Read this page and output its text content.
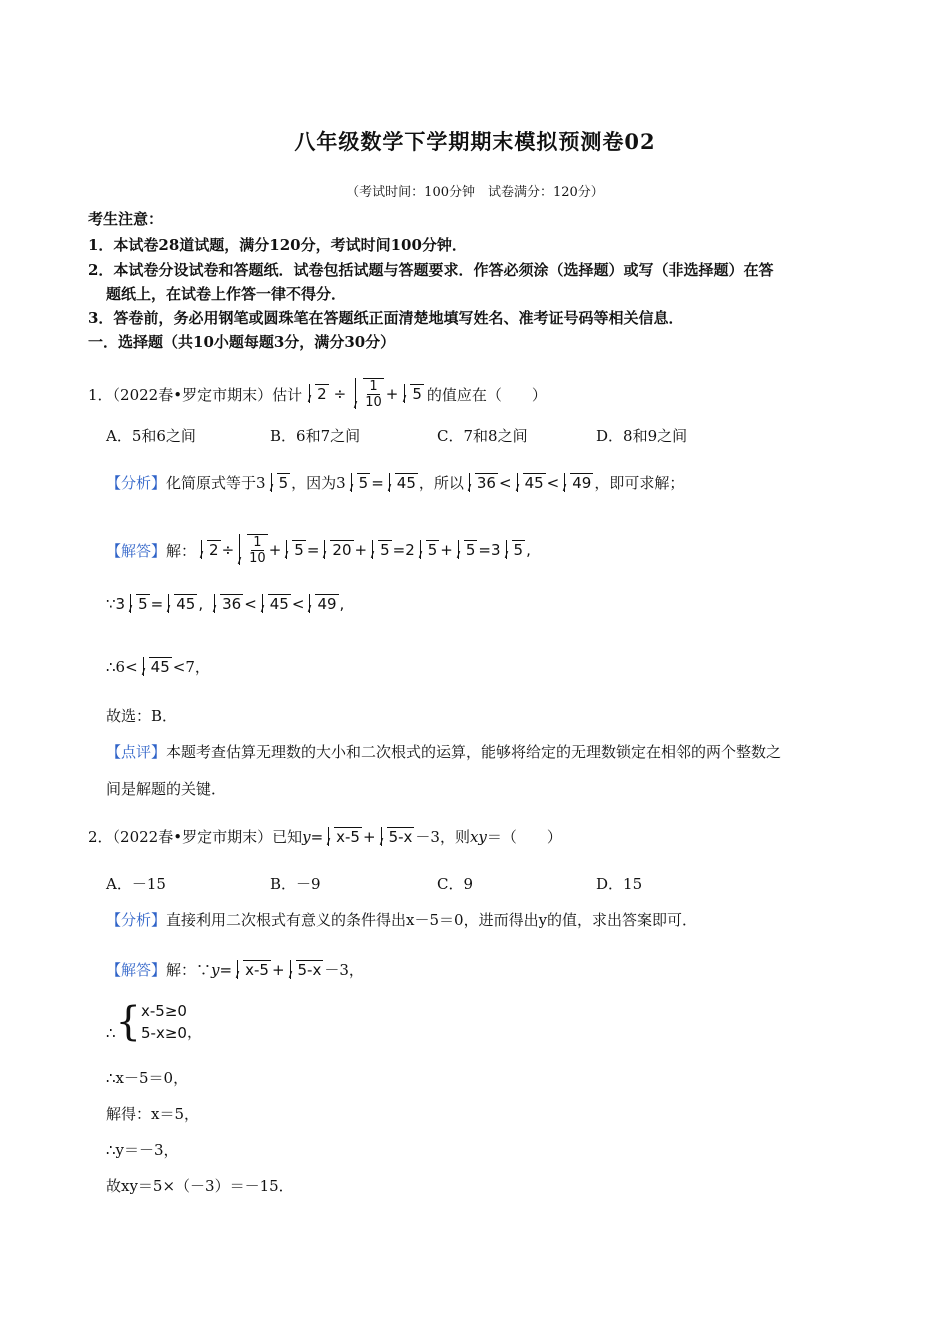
八年级数学下学期期末模拟预测卷02
（考试时间：100分钟　试卷满分：120分）
考生注意：
1．本试卷28道试题，满分120分，考试时间100分钟．
2．本试卷分设试卷和答题纸．试卷包括试题与答题要求．作答必须涂（选择题）或写（非选择题）在答
题纸上，在试卷上作答一律不得分．
3．答卷前，务必用钢笔或圆珠笔在答题纸正面清楚地填写姓名、准考证号码等相关信息．
一．选择题（共10小题每题3分，满分30分）
1．（2022春•罗定市期末）估计	$2 \div \frac{1}{10} + 5$ 的值应在（　　）
A．5和6之间	B．6和7之间	C．7和8之间	D．8和9之间
【分析】 化简原式等于3 5 ，因为3 5 = 45 ，所以 36 < 45 < 49 ，即可求解；
【解答】 解： $2 \div \frac{1}{10} + 5 = 20 + 5 =2$ 5 + 5 =3 5 ,
∵ 3 5 = 45 ,	36 < 45 < 49 ,
∴6< 45 <7，
故选：B．
【点评】本题考查估算无理数的大小和二次根式的运算，能够将给定的无理数锁定在相邻的两个整数之
间是解题的关键．
2．（2022春•罗定市期末）已知 y = x-5 + 5-x －3，则 xy ＝（　　）
A．－15	B．－9	C．9	D．15
【分析】直接利用二次根式有意义的条件得出x－5＝0，进而得出y的值，求出答案即可．
【解答】 解：∵ y = x-5 + 5-x －3，
∴ { x-5≥0
5-x≥0 ，
∴x－5＝0，
解得：x＝5，
∴y＝－3，
故xy＝5×（－3）＝－15．
